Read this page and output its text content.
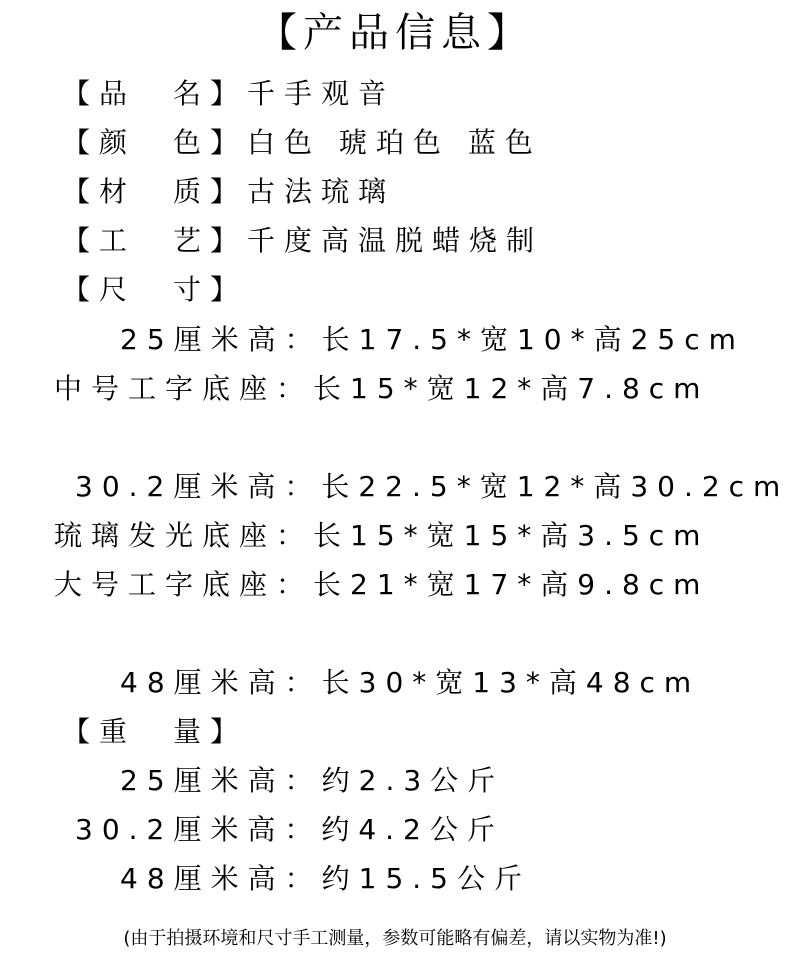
【产品信息】
【品　名】千手观音
【颜　色】白色 琥珀色 蓝色
【材　质】古法琉璃
【工　艺】千度高温脱蜡烧制
【尺　寸】
25厘米高：长17.5*宽10*高25cm
中号工字底座：长15*宽12*高7.8cm
30.2厘米高：长22.5*宽12*高30.2cm
琉璃发光底座：长15*宽15*高3.5cm
大号工字底座：长21*宽17*高9.8cm
48厘米高：长30*宽13*高48cm
【重　量】
25厘米高：约2.3公斤
30.2厘米高：约4.2公斤
48厘米高：约15.5公斤
(由于拍摄环境和尺寸手工测量，参数可能略有偏差，请以实物为准!)
